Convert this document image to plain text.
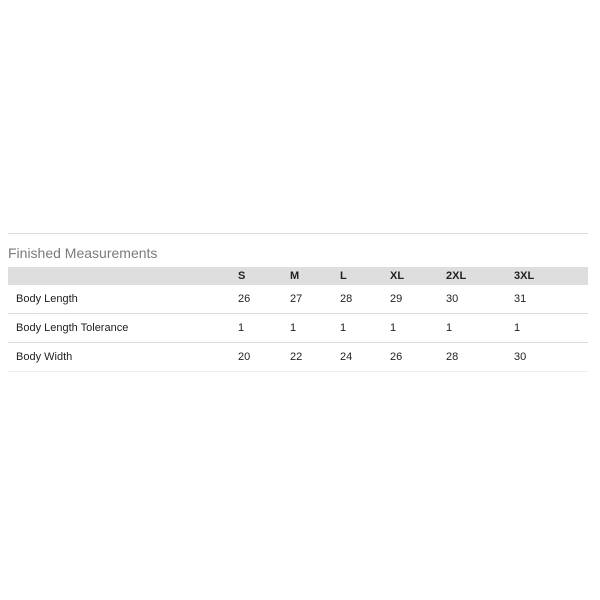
Finished Measurements
	S	M	L	XL	2XL	3XL
Body Length	26	27	28	29	30	31
Body Length Tolerance	1	1	1	1	1	1
Body Width	20	22	24	26	28	30
